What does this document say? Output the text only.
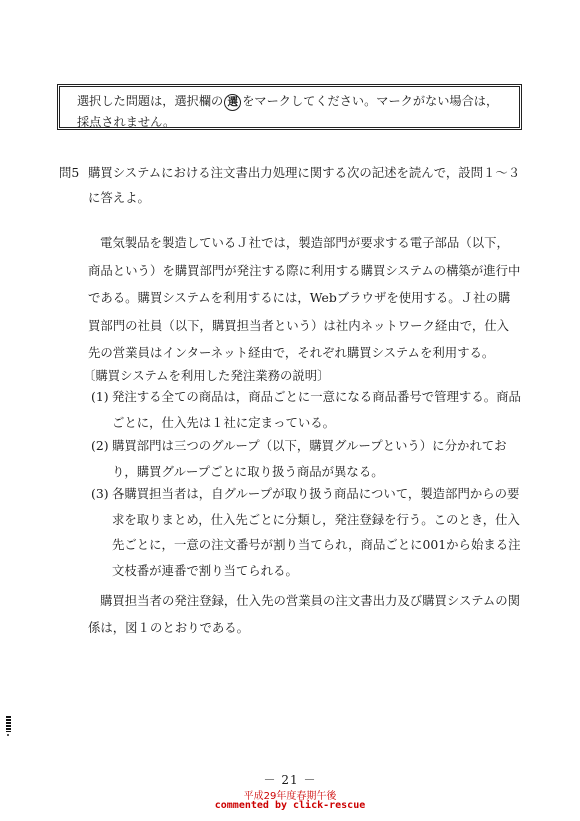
選択した問題は，選択欄の 選 をマークしてください。マークがない場合は，採点されません。
問5 購買システムにおける注文書出力処理に関する次の記述を読んで，設問１～３に答えよ。
電気製品を製造しているＪ社では，製造部門が要求する電子部品（以下，商品という）を購買部門が発注する際に利用する購買システムの構築が進行中である。購買システムを利用するには，Webブラウザを使用する。Ｊ社の購買部門の社員（以下，購買担当者という）は社内ネットワーク経由で，仕入先の営業員はインターネット経由で，それぞれ購買システムを利用する。
〔購買システムを利用した発注業務の説明〕
(1) 発注する全ての商品は，商品ごとに一意になる商品番号で管理する。商品ごとに，仕入先は１社に定まっている。
(2) 購買部門は三つのグループ（以下，購買グループという）に分かれており，購買グループごとに取り扱う商品が異なる。
(3) 各購買担当者は，自グループが取り扱う商品について，製造部門からの要求を取りまとめ，仕入先ごとに分類し，発注登録を行う。このとき，仕入先ごとに，一意の注文番号が割り当てられ，商品ごとに001から始まる注文枝番が連番で割り当てられる。
購買担当者の発注登録，仕入先の営業員の注文書出力及び購買システムの関係は，図１のとおりである。
－ 21 －
平成29年度春期午後
commented by click-rescue
